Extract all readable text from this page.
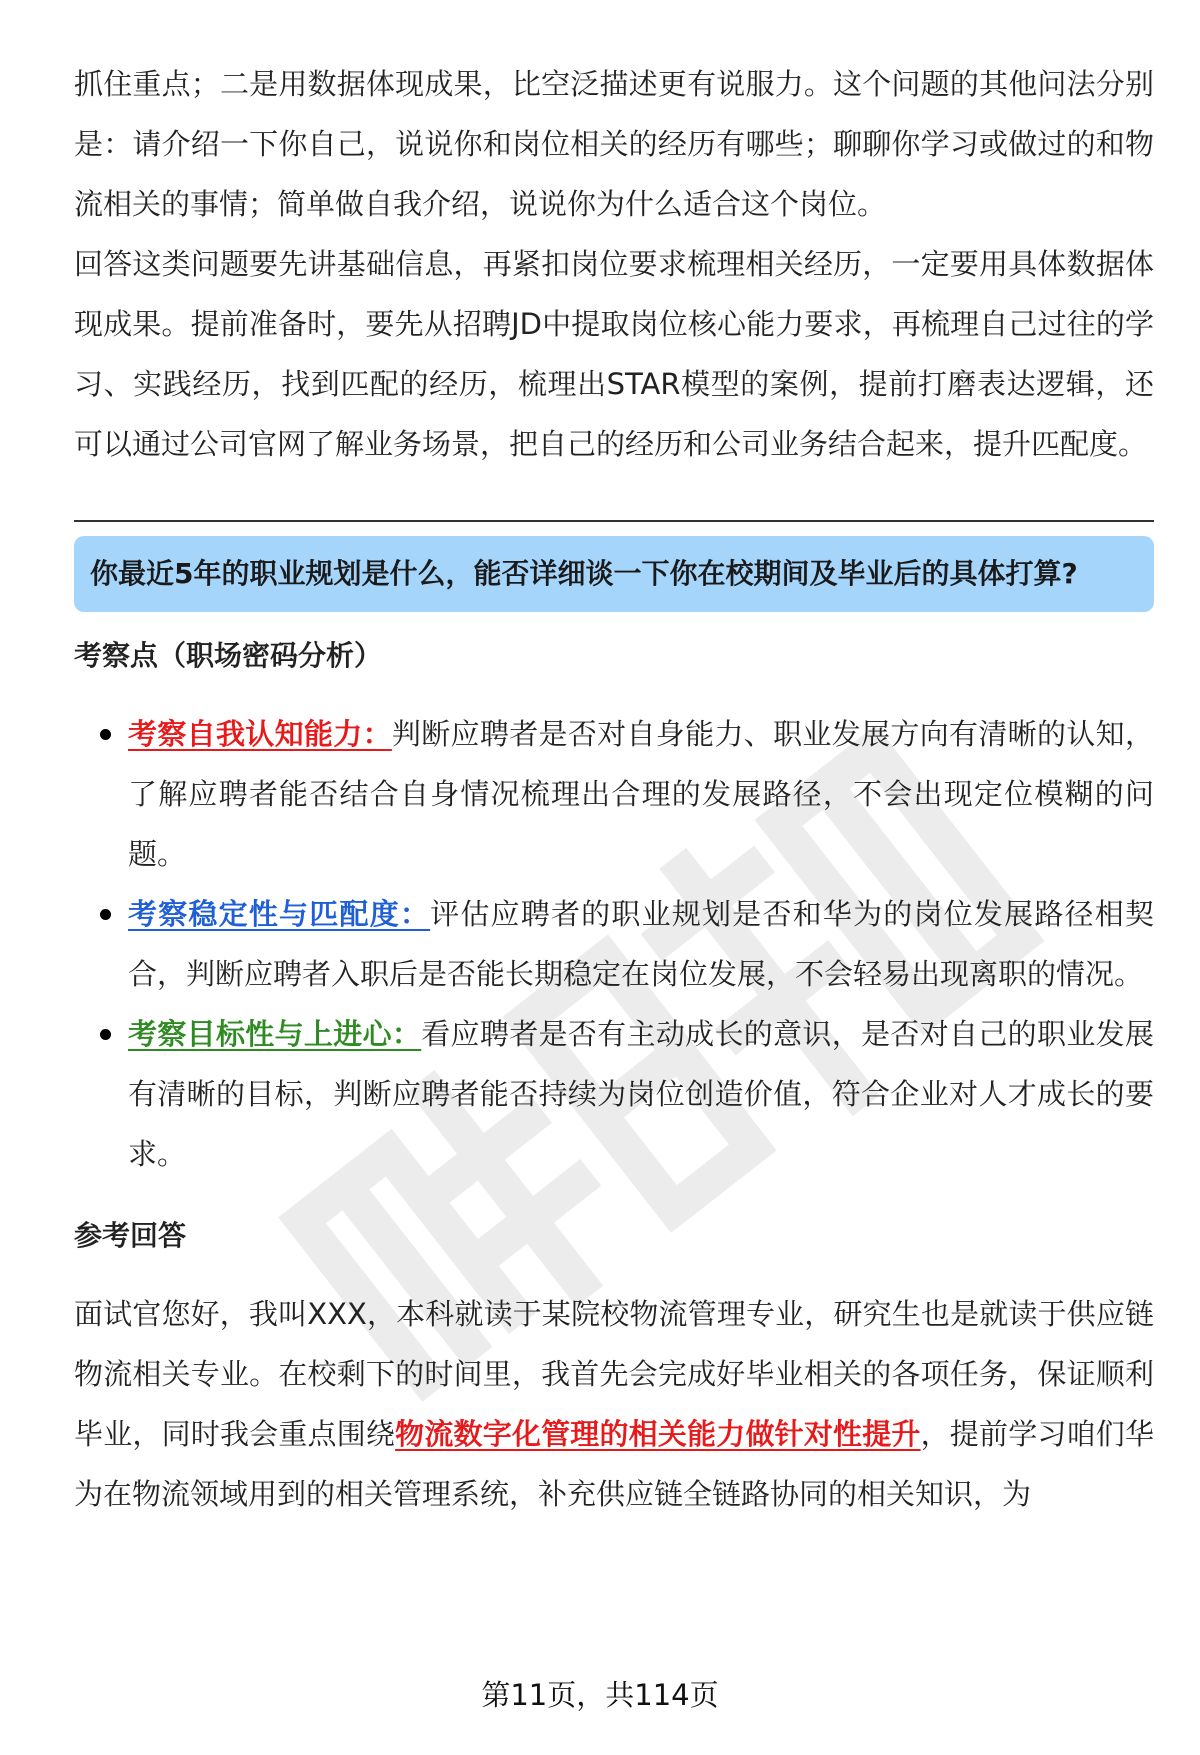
抓住重点；二是用数据体现成果，比空泛描述更有说服力。这个问题的其他问法分别是：请介绍一下你自己，说说你和岗位相关的经历有哪些；聊聊你学习或做过的和物流相关的事情；简单做自我介绍，说说你为什么适合这个岗位。

回答这类问题要先讲基础信息，再紧扣岗位要求梳理相关经历，一定要用具体数据体现成果。提前准备时，要先从招聘JD中提取岗位核心能力要求，再梳理自己过往的学习、实践经历，找到匹配的经历，梳理出STAR模型的案例，提前打磨表达逻辑，还可以通过公司官网了解业务场景，把自己的经历和公司业务结合起来，提升匹配度。

你最近5年的职业规划是什么，能否详细谈一下你在校期间及毕业后的具体打算?
考察点（职场密码分析）
考察自我认知能力：判断应聘者是否对自身能力、职业发展方向有清晰的认知，了解应聘者能否结合自身情况梳理出合理的发展路径，不会出现定位模糊的问题。
考察稳定性与匹配度：评估应聘者的职业规划是否和华为的岗位发展路径相契合，判断应聘者入职后是否能长期稳定在岗位发展，不会轻易出现离职的情况。
考察目标性与上进心：看应聘者是否有主动成长的意识，是否对自己的职业发展有清晰的目标，判断应聘者能否持续为岗位创造价值，符合企业对人才成长的要求。
参考回答

面试官您好，我叫XXX，本科就读于某院校物流管理专业，研究生也是就读于供应链物流相关专业。在校剩下的时间里，我首先会完成好毕业相关的各项任务，保证顺利毕业，同时我会重点围绕物流数字化管理的相关能力做针对性提升，提前学习咱们华为在物流领域用到的相关管理系统，补充供应链全链路协同的相关知识，为

第11页，共114页
